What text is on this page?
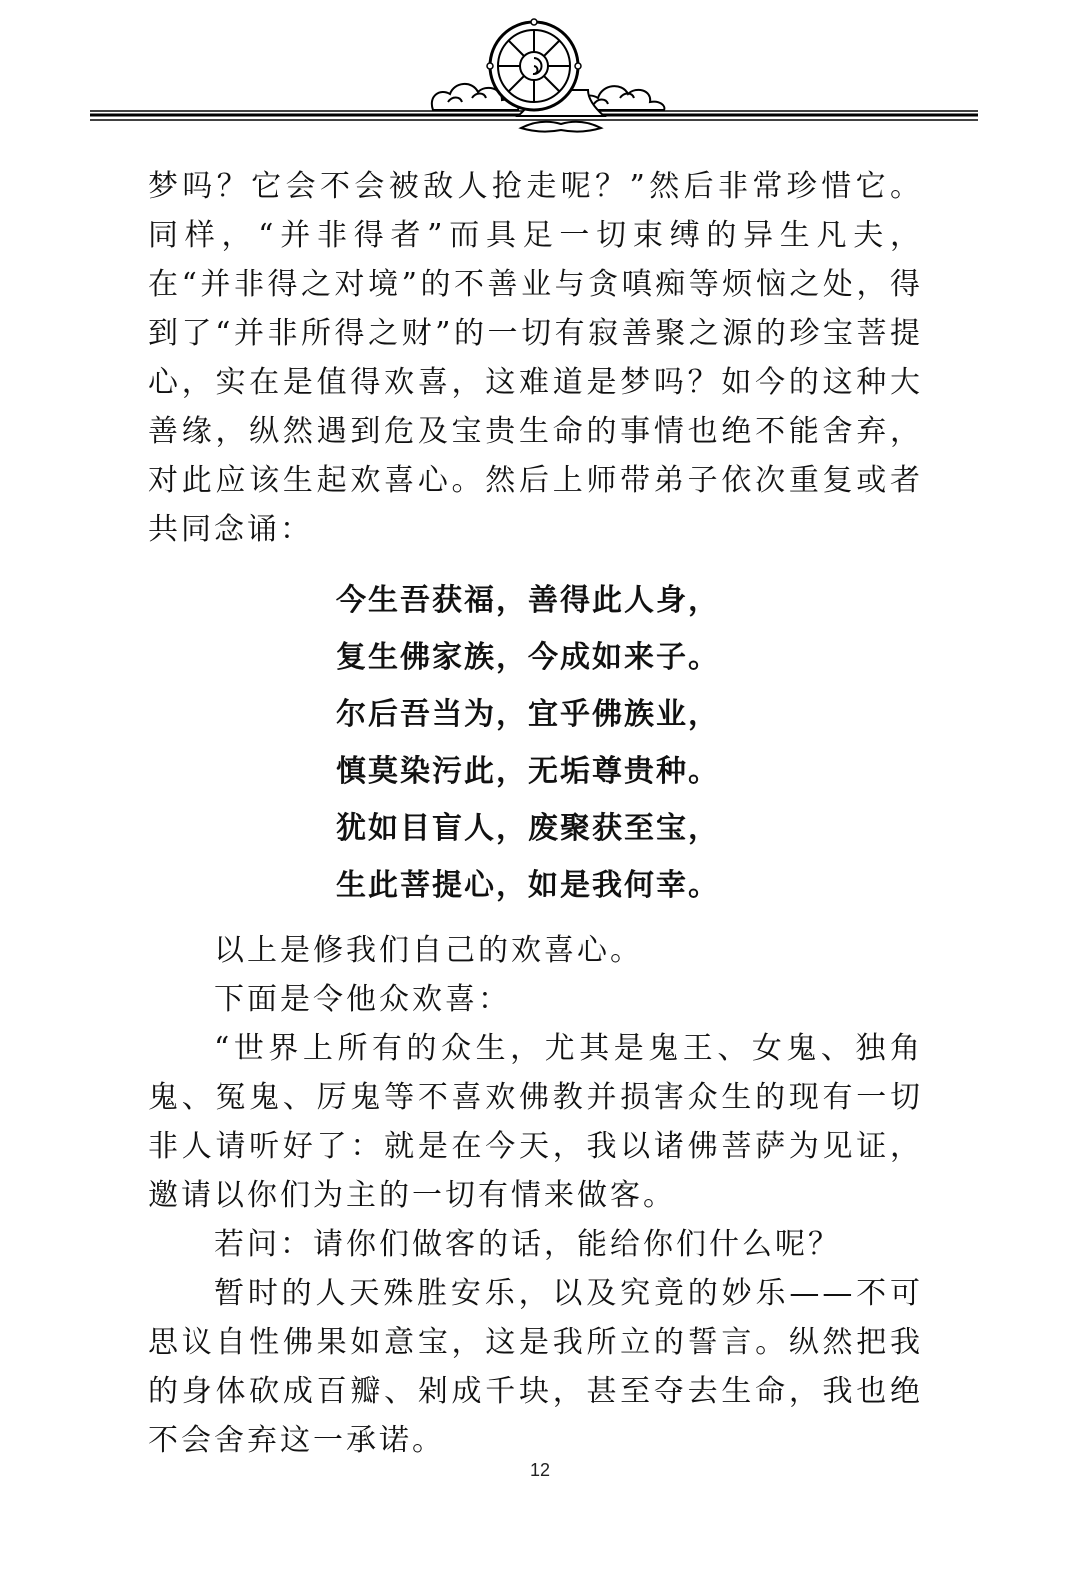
梦吗？它会不会被敌人抢走呢？”然后非常珍惜它。同样，“并非得者”而具足一切束缚的异生凡夫，在“并非得之对境”的不善业与贪嗔痴等烦恼之处，得到了“并非所得之财”的一切有寂善聚之源的珍宝菩提心，实在是值得欢喜，这难道是梦吗？如今的这种大善缘，纵然遇到危及宝贵生命的事情也绝不能舍弃，对此应该生起欢喜心。然后上师带弟子依次重复或者共同念诵：

今生吾获福，善得此人身，
复生佛家族，今成如来子。
尔后吾当为，宜乎佛族业，
慎莫染污此，无垢尊贵种。
犹如目盲人，废聚获至宝，
生此菩提心，如是我何幸。

以上是修我们自己的欢喜心。

下面是令他众欢喜：

“世界上所有的众生，尤其是鬼王、女鬼、独角鬼、冤鬼、厉鬼等不喜欢佛教并损害众生的现有一切非人请听好了：就是在今天，我以诸佛菩萨为见证，邀请以你们为主的一切有情来做客。

若问：请你们做客的话，能给你们什么呢？

暂时的人天殊胜安乐，以及究竟的妙乐——不可思议自性佛果如意宝，这是我所立的誓言。纵然把我的身体砍成百瓣、剁成千块，甚至夺去生命，我也绝不会舍弃这一承诺。

12
